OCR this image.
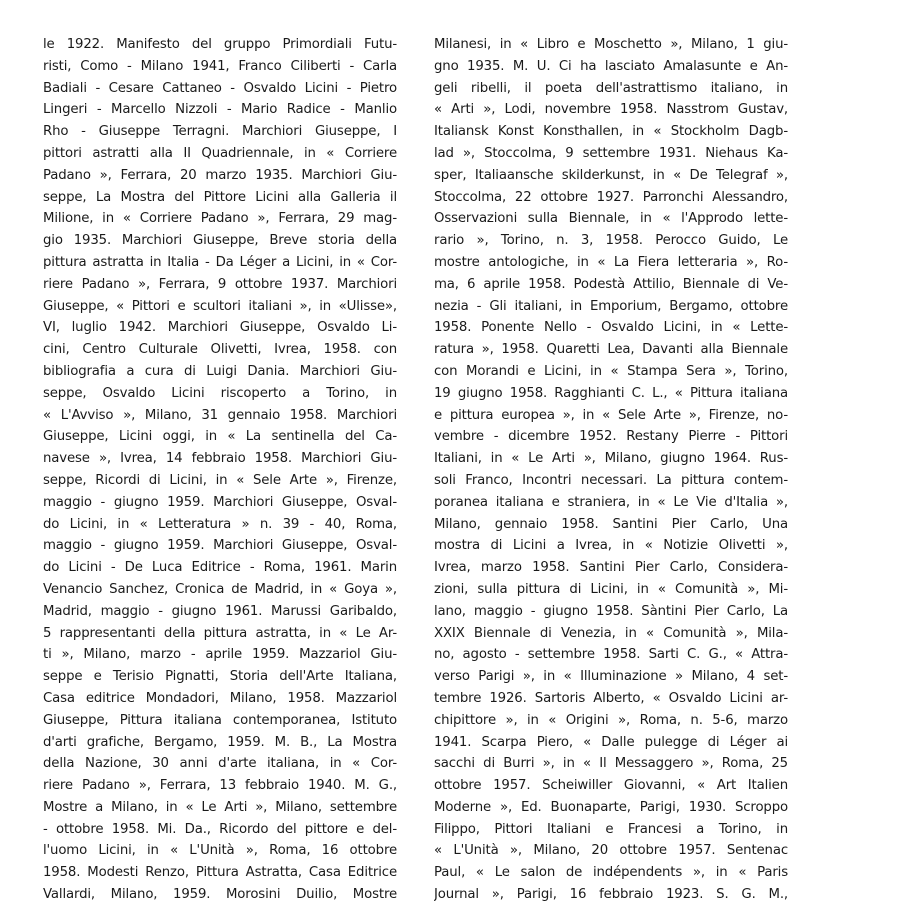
le 1922. Manifesto del gruppo Primordiali Futu-
risti, Como - Milano 1941, Franco Ciliberti - Carla
Badiali - Cesare Cattaneo - Osvaldo Licini - Pietro
Lingeri - Marcello Nizzoli - Mario Radice - Manlio
Rho - Giuseppe Terragni. Marchiori Giuseppe, I
pittori astratti alla II Quadriennale, in « Corriere
Padano », Ferrara, 20 marzo 1935. Marchiori Giu-
seppe, La Mostra del Pittore Licini alla Galleria il
Milione, in « Corriere Padano », Ferrara, 29 mag-
gio 1935. Marchiori Giuseppe, Breve storia della
pittura astratta in Italia - Da Léger a Licini, in « Cor-
riere Padano », Ferrara, 9 ottobre 1937. Marchiori
Giuseppe, « Pittori e scultori italiani », in «Ulisse»,
VI, luglio 1942. Marchiori Giuseppe, Osvaldo Li-
cini, Centro Culturale Olivetti, Ivrea, 1958. con
bibliografia a cura di Luigi Dania. Marchiori Giu-
seppe, Osvaldo Licini riscoperto a Torino, in
« L'Avviso », Milano, 31 gennaio 1958. Marchiori
Giuseppe, Licini oggi, in « La sentinella del Ca-
navese », Ivrea, 14 febbraio 1958. Marchiori Giu-
seppe, Ricordi di Licini, in « Sele Arte », Firenze,
maggio - giugno 1959. Marchiori Giuseppe, Osval-
do Licini, in « Letteratura » n. 39 - 40, Roma,
maggio - giugno 1959. Marchiori Giuseppe, Osval-
do Licini - De Luca Editrice - Roma, 1961. Marin
Venancio Sanchez, Cronica de Madrid, in « Goya »,
Madrid, maggio - giugno 1961. Marussi Garibaldo,
5 rappresentanti della pittura astratta, in « Le Ar-
ti », Milano, marzo - aprile 1959. Mazzariol Giu-
seppe e Terisio Pignatti, Storia dell'Arte Italiana,
Casa editrice Mondadori, Milano, 1958. Mazzariol
Giuseppe, Pittura italiana contemporanea, Istituto
d'arti grafiche, Bergamo, 1959. M. B., La Mostra
della Nazione, 30 anni d'arte italiana, in « Cor-
riere Padano », Ferrara, 13 febbraio 1940. M. G.,
Mostre a Milano, in « Le Arti », Milano, settembre
- ottobre 1958. Mi. Da., Ricordo del pittore e del-
l'uomo Licini, in « L'Unità », Roma, 16 ottobre
1958. Modesti Renzo, Pittura Astratta, Casa Editrice
Vallardi, Milano, 1959. Morosini Duilio, Mostre
Milanesi, in « Libro e Moschetto », Milano, 1 giu-
gno 1935. M. U. Ci ha lasciato Amalasunte e An-
geli ribelli, il poeta dell'astrattismo italiano, in
« Arti », Lodi, novembre 1958. Nasstrom Gustav,
Italiansk Konst Konsthallen, in « Stockholm Dagb-
lad », Stoccolma, 9 settembre 1931. Niehaus Ka-
sper, Italiaansche skilderkunst, in « De Telegraf »,
Stoccolma, 22 ottobre 1927. Parronchi Alessandro,
Osservazioni sulla Biennale, in « l'Approdo lette-
rario », Torino, n. 3, 1958. Perocco Guido, Le
mostre antologiche, in « La Fiera letteraria », Ro-
ma, 6 aprile 1958. Podestà Attilio, Biennale di Ve-
nezia - Gli italiani, in Emporium, Bergamo, ottobre
1958. Ponente Nello - Osvaldo Licini, in « Lette-
ratura », 1958. Quaretti Lea, Davanti alla Biennale
con Morandi e Licini, in « Stampa Sera », Torino,
19 giugno 1958. Ragghianti C. L., « Pittura italiana
e pittura europea », in « Sele Arte », Firenze, no-
vembre - dicembre 1952. Restany Pierre - Pittori
Italiani, in « Le Arti », Milano, giugno 1964. Rus-
soli Franco, Incontri necessari. La pittura contem-
poranea italiana e straniera, in « Le Vie d'Italia »,
Milano, gennaio 1958. Santini Pier Carlo, Una
mostra di Licini a Ivrea, in « Notizie Olivetti »,
Ivrea, marzo 1958. Santini Pier Carlo, Considera-
zioni, sulla pittura di Licini, in « Comunità », Mi-
lano, maggio - giugno 1958. Sàntini Pier Carlo, La
XXIX Biennale di Venezia, in « Comunità », Mila-
no, agosto - settembre 1958. Sarti C. G., « Attra-
verso Parigi », in « Illuminazione » Milano, 4 set-
tembre 1926. Sartoris Alberto, « Osvaldo Licini ar-
chipittore », in « Origini », Roma, n. 5-6, marzo
1941. Scarpa Piero, « Dalle pulegge di Léger ai
sacchi di Burri », in « Il Messaggero », Roma, 25
ottobre 1957. Scheiwiller Giovanni, « Art Italien
Moderne », Ed. Buonaparte, Parigi, 1930. Scroppo
Filippo, Pittori Italiani e Francesi a Torino, in
« L'Unità », Milano, 20 ottobre 1957. Sentenac
Paul, « Le salon de indépendents », in « Paris
Journal », Parigi, 16 febbraio 1923. S. G. M.,
